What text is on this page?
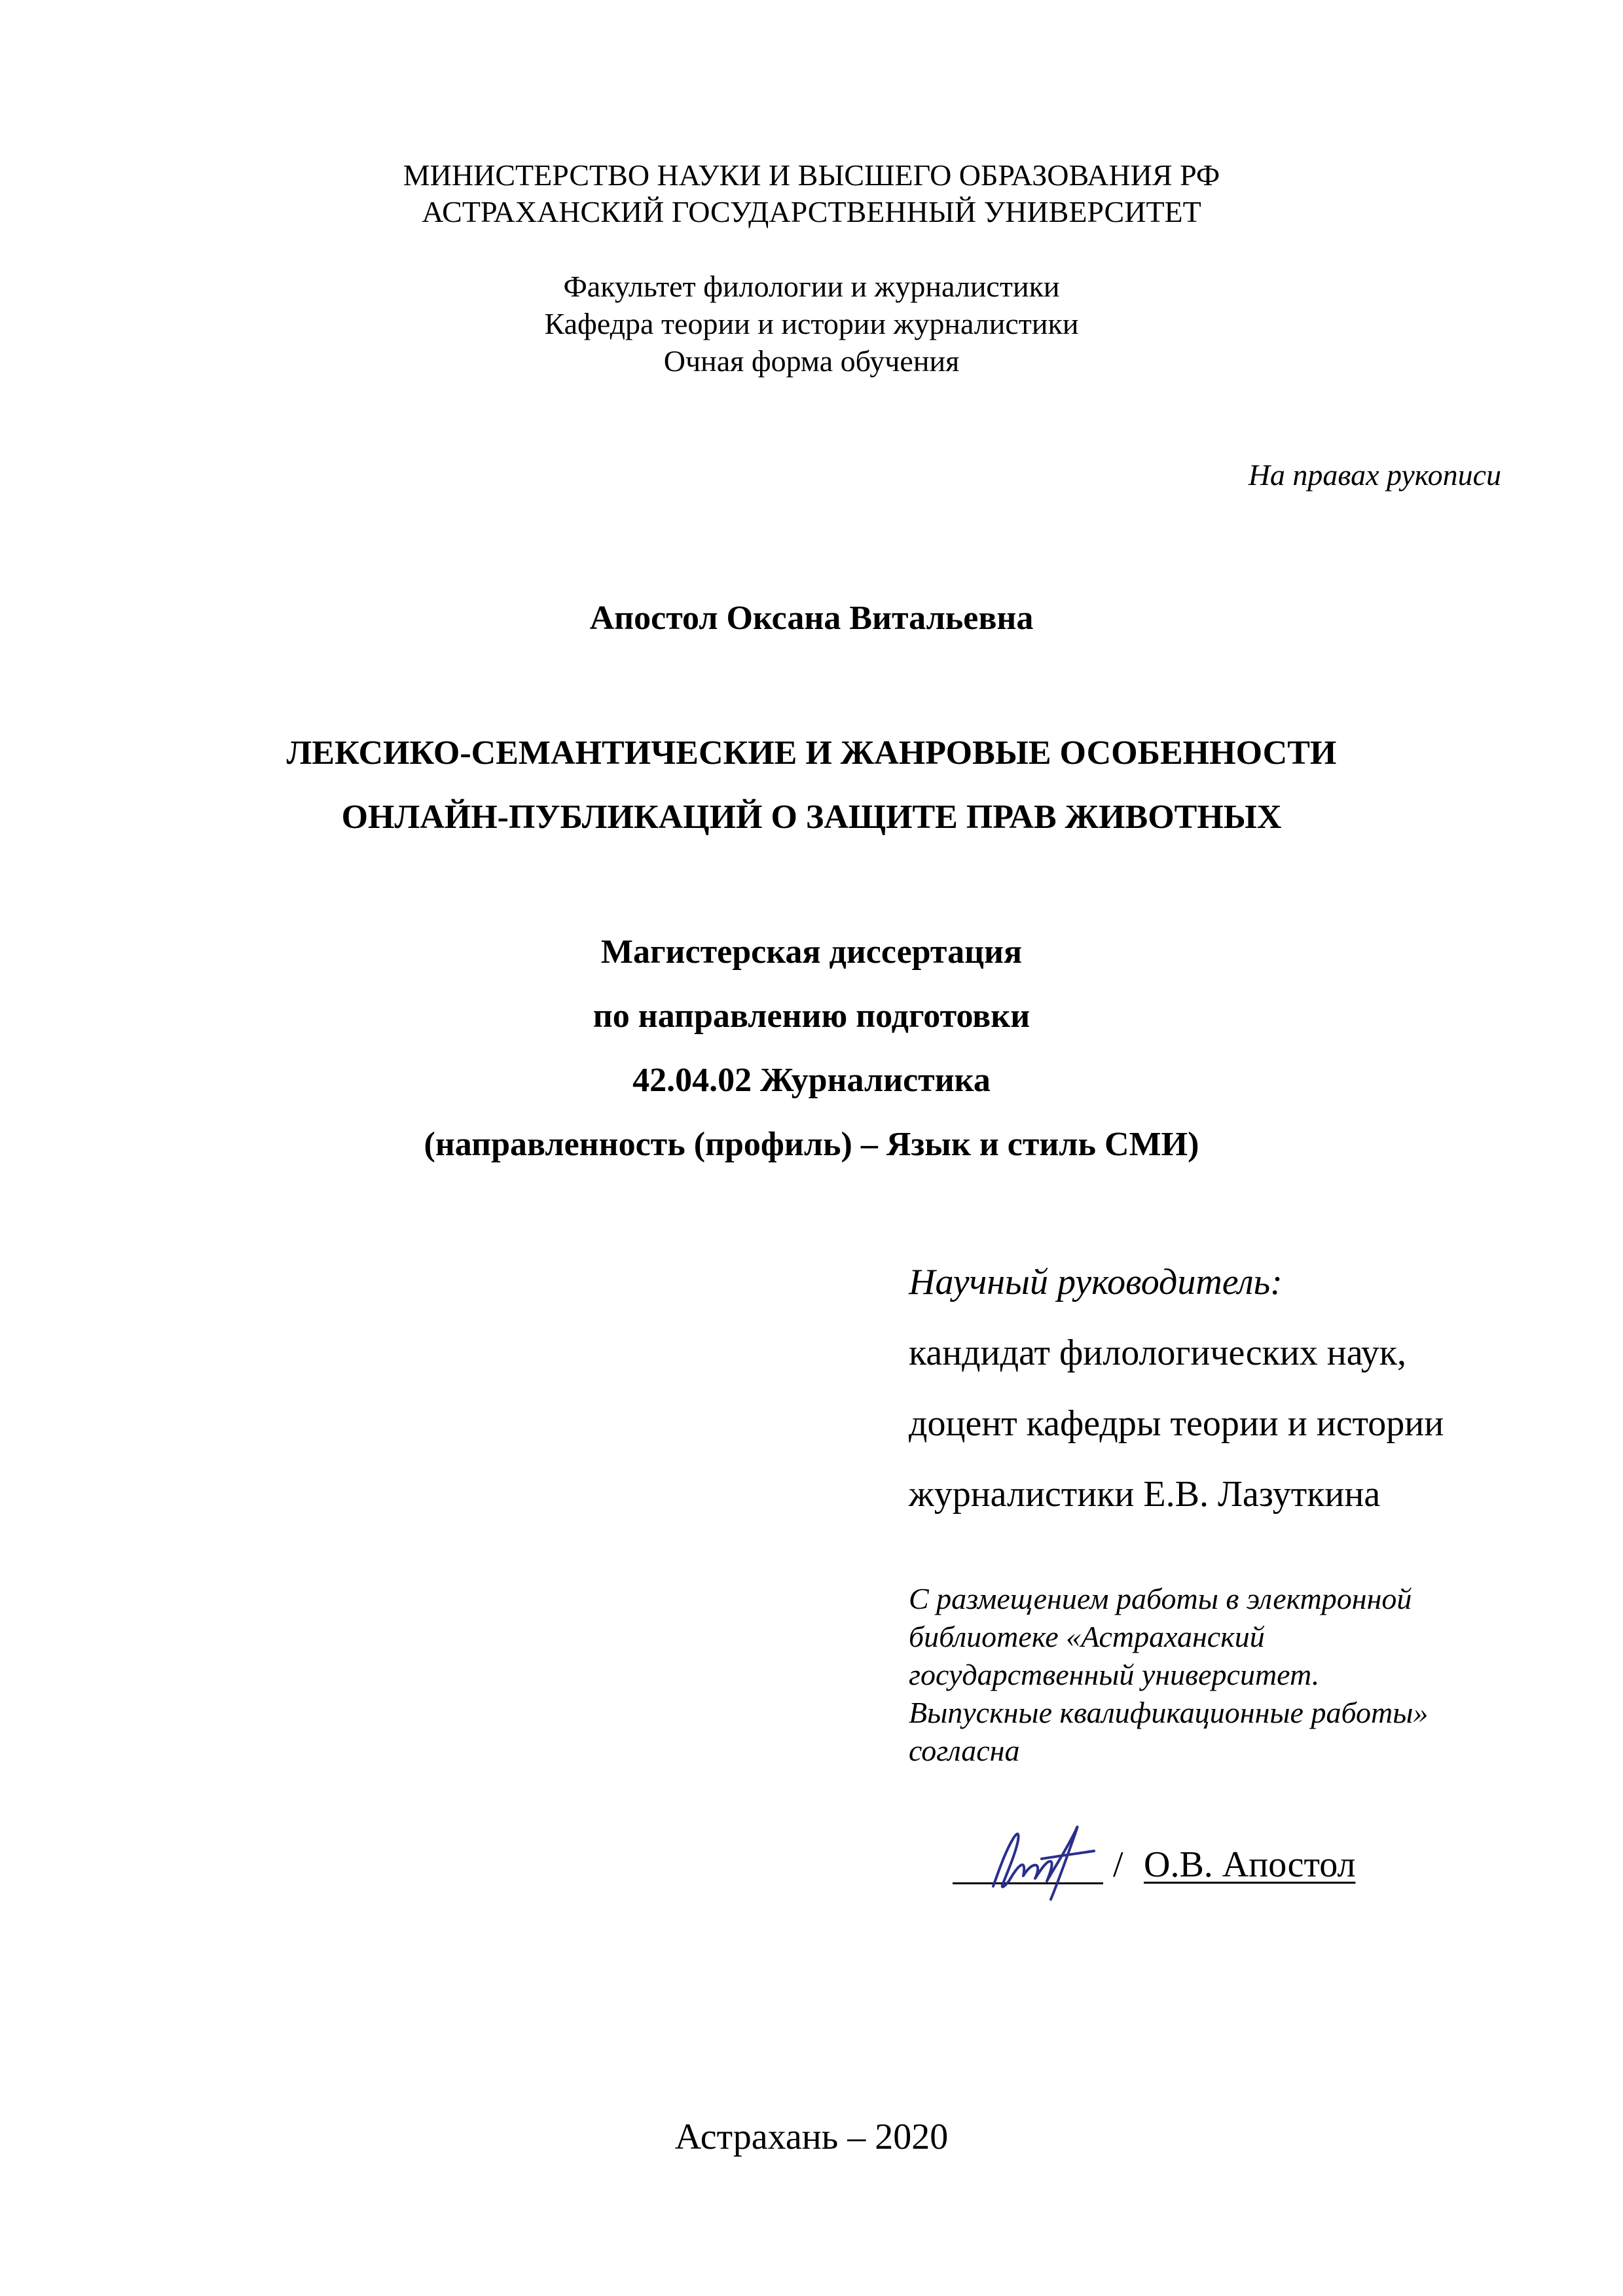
МИНИСТЕРСТВО НАУКИ И ВЫСШЕГО ОБРАЗОВАНИЯ РФ
АСТРАХАНСКИЙ ГОСУДАРСТВЕННЫЙ УНИВЕРСИТЕТ
Факультет филологии и журналистики
Кафедра теории и истории журналистики
Очная форма обучения
На правах рукописи
Апостол Оксана Витальевна
ЛЕКСИКО-СЕМАНТИЧЕСКИЕ И ЖАНРОВЫЕ ОСОБЕННОСТИ
ОНЛАЙН-ПУБЛИКАЦИЙ О ЗАЩИТЕ ПРАВ ЖИВОТНЫХ
Магистерская диссертация
по направлению подготовки
42.04.02 Журналистика
(направленность (профиль) – Язык и стиль СМИ)
Научный руководитель:
кандидат филологических наук,
доцент кафедры теории и истории
журналистики Е.В. Лазуткина
С размещением работы в электронной
библиотеке «Астраханский
государственный университет.
Выпускные квалификационные работы»
согласна
/ О.В. Апостол
Астрахань – 2020
